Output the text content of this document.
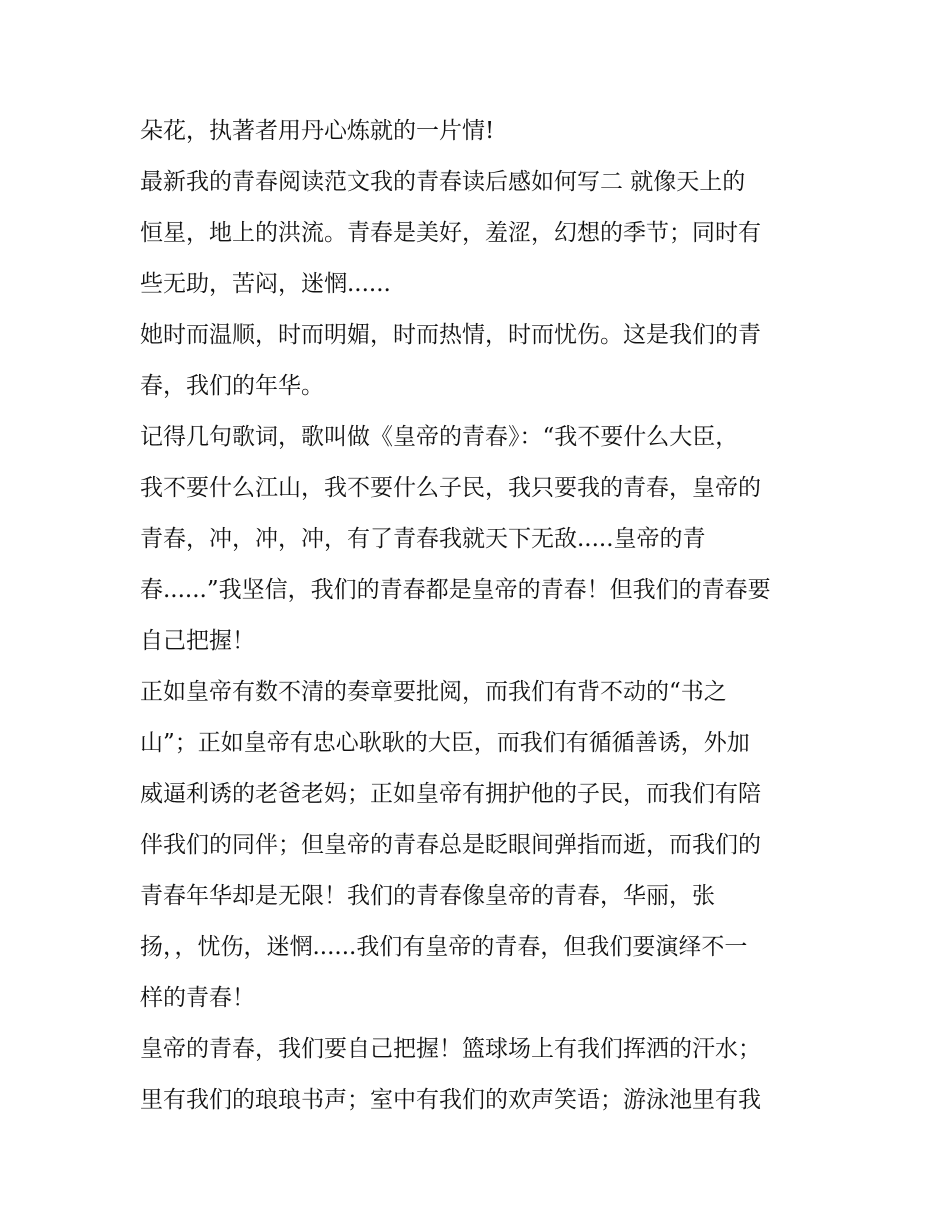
朵花，执著者用丹心炼就的一片情!
最新我的青春阅读范文我的青春读后感如何写二 就像天上的
恒星，地上的洪流。青春是美好，羞涩，幻想的季节；同时有
些无助，苦闷，迷惘......
她时而温顺，时而明媚，时而热情，时而忧伤。这是我们的青
春，我们的年华。
记得几句歌词，歌叫做《皇帝的青春》：“我不要什么大臣，
我不要什么江山，我不要什么子民，我只要我的青春，皇帝的
青春，冲，冲，冲，有了青春我就天下无敌.....皇帝的青
春......”我坚信，我们的青春都是皇帝的青春！但我们的青春要
自己把握！
正如皇帝有数不清的奏章要批阅，而我们有背不动的“书之
山”；正如皇帝有忠心耿耿的大臣，而我们有循循善诱，外加
威逼利诱的老爸老妈；正如皇帝有拥护他的子民，而我们有陪
伴我们的同伴；但皇帝的青春总是眨眼间弹指而逝，而我们的
青春年华却是无限！我们的青春像皇帝的青春，华丽，张
扬，，忧伤，迷惘......我们有皇帝的青春，但我们要演绎不一
样的青春！
皇帝的青春，我们要自己把握！篮球场上有我们挥洒的汗水；
里有我们的琅琅书声；室中有我们的欢声笑语；游泳池里有我
